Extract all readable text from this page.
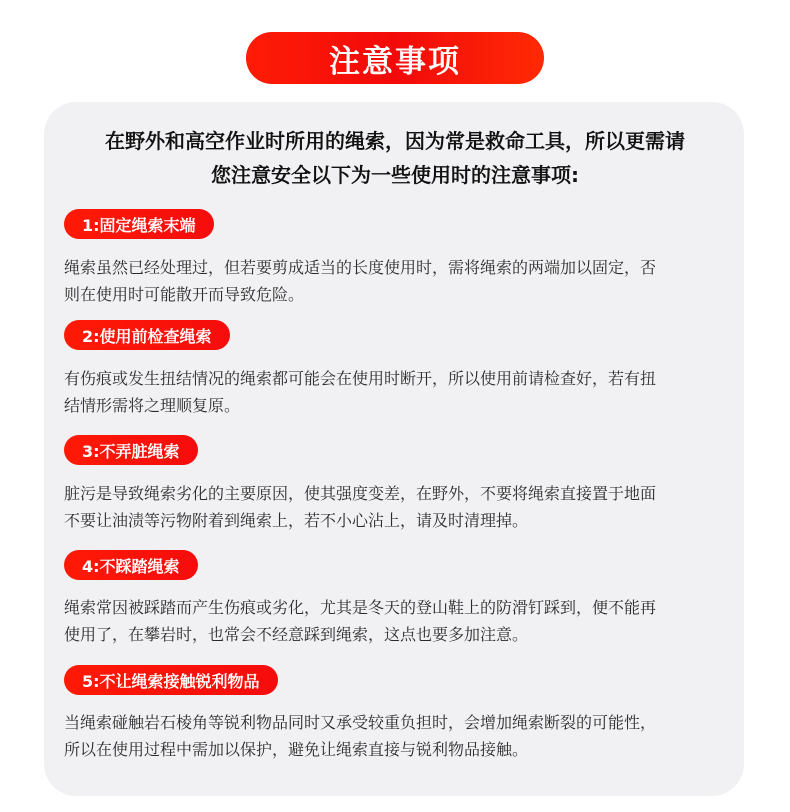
注意事项
在野外和高空作业时所用的绳索，因为常是救命工具，所以更需请
您注意安全以下为一些使用时的注意事项:
1:固定绳索末端
绳索虽然已经处理过，但若要剪成适当的长度使用时，需将绳索的两端加以固定，否
则在使用时可能散开而导致危险。
2:使用前检查绳索
有伤痕或发生扭结情况的绳索都可能会在使用时断开，所以使用前请检查好，若有扭
结情形需将之理顺复原。
3:不弄脏绳索
脏污是导致绳索劣化的主要原因，使其强度变差，在野外，不要将绳索直接置于地面
不要让油渍等污物附着到绳索上，若不小心沾上，请及时清理掉。
4:不踩踏绳索
绳索常因被踩踏而产生伤痕或劣化，尤其是冬天的登山鞋上的防滑钉踩到，便不能再
使用了，在攀岩时，也常会不经意踩到绳索，这点也要多加注意。
5:不让绳索接触锐利物品
当绳索碰触岩石棱角等锐利物品同时又承受较重负担时，会增加绳索断裂的可能性，
所以在使用过程中需加以保护，避免让绳索直接与锐利物品接触。
